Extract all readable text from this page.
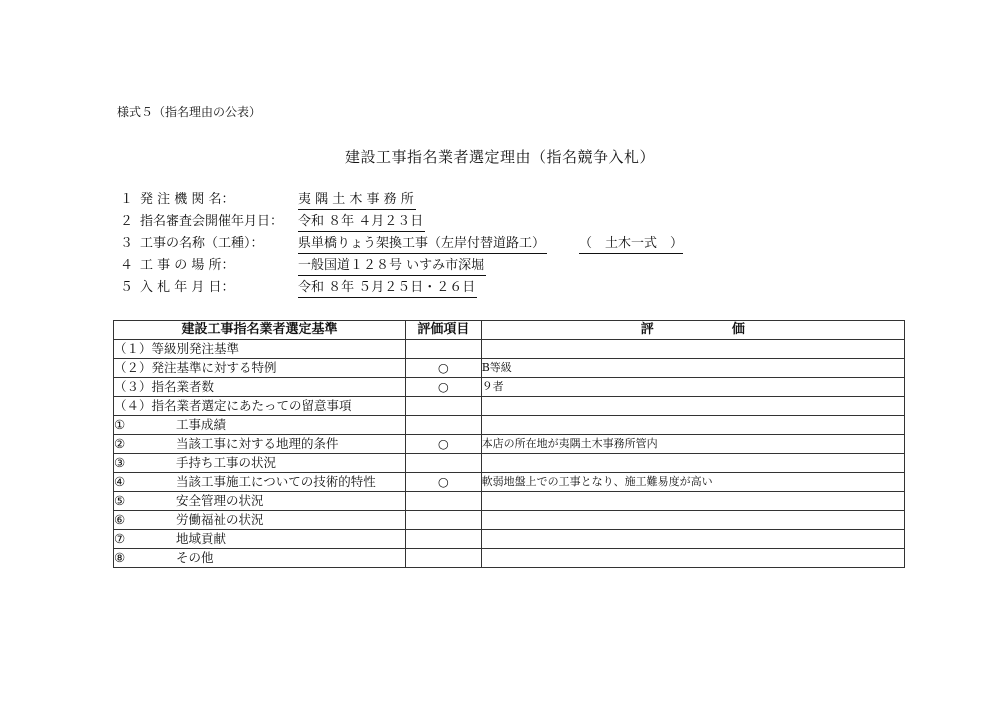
様式５（指名理由の公表）
建設工事指名業者選定理由（指名競争入札）
１ 発 注 機 関 名：	夷 隅 土 木 事 務 所
２ 指名審査会開催年月日：	令和 ８年 ４月２３日
３ 工事の名称（工種）：	県単橋りょう架換工事（左岸付替道路工）	（　土木一式　）
４ 工 事 の 場 所：	一般国道１２８号 いすみ市深堀
５ 入 札 年 月 日：	令和 ８年 ５月２５日・２６日
建設工事指名業者選定基準	評価項目	評 価

（１）等級別発注基準		
（２）発注基準に対する特例	○	B等級
（３）指名業者数	○	９者
（４）指名業者選定にあたっての留意事項		
① 工事成績		
② 当該工事に対する地理的条件	○	本店の所在地が夷隅土木事務所管内
③ 手持ち工事の状況		
④ 当該工事施工についての技術的特性	○	軟弱地盤上での工事となり、施工難易度が高い
⑤ 安全管理の状況		
⑥ 労働福祉の状況		
⑦ 地域貢献		
⑧ その他		
